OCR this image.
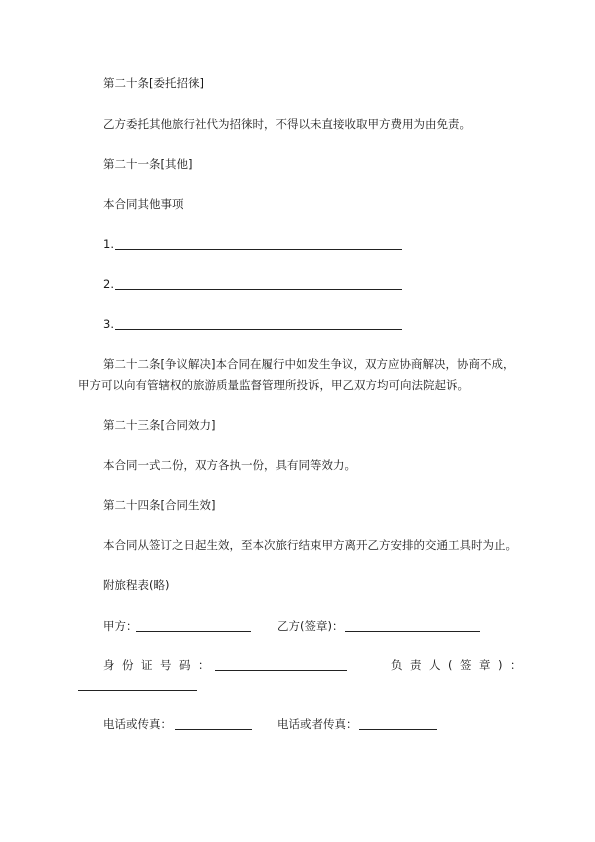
第二十条[委托招徕]
乙方委托其他旅行社代为招徕时，不得以未直接收取甲方费用为由免责。
第二十一条[其他]
本合同其他事项
1.
2.
3.
第二十二条[争议解决]本合同在履行中如发生争议，双方应协商解决，协商不成，
甲方可以向有管辖权的旅游质量监督管理所投诉，甲乙双方均可向法院起诉。
第二十三条[合同效力]
本合同一式二份，双方各执一份，具有同等效力。
第二十四条[合同生效]
本合同从签订之日起生效，至本次旅行结束甲方离开乙方安排的交通工具时为止。
附旅程表(略)
甲方：	乙方(签章)：
身份证号码：	负责人(签章)：
电话或传真：	电话或者传真：
